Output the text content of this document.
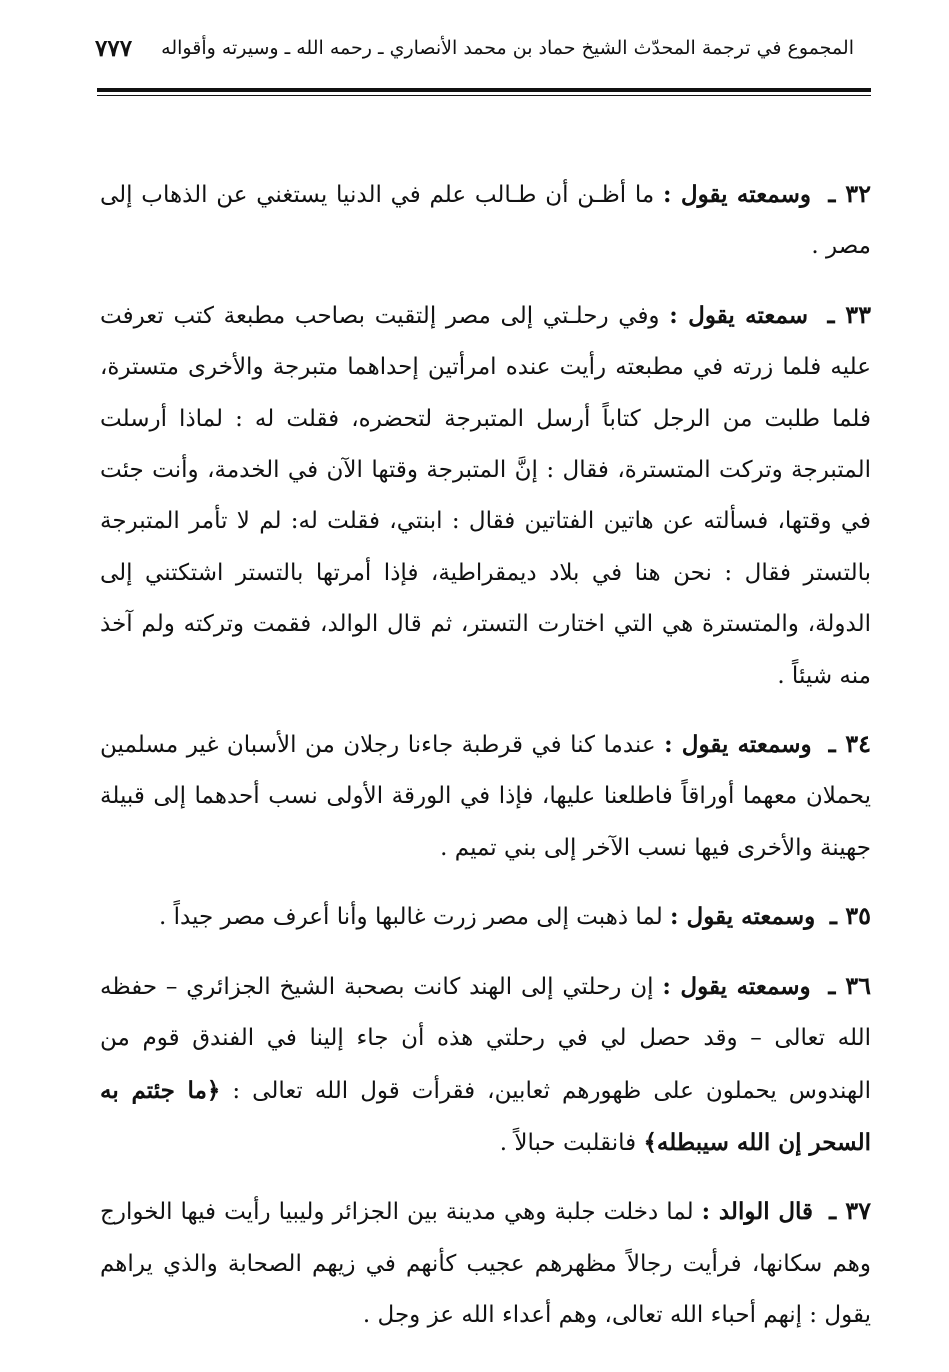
المجموع في ترجمة المحدّث الشيخ حماد بن محمد الأنصاري ـ رحمه الله ـ وسيرته وأقواله
٧٧٧

٣٢ ـ  وسمعته يقول : ما أظـن أن طـالب علم في الدنيا يستغني عن الذهاب إلى مصر .

٣٣ ـ  سمعته يقول : وفي رحلـتي إلى مصر إلتقيت بصاحب مطبعة كتب تعرفت عليه فلما زرته في مطبعته رأيت عنده امرأتين إحداهما متبرجة والأخرى متسترة، فلما طلبت من الرجل كتاباً أرسل المتبرجة لتحضره، فقلت له : لماذا أرسلت المتبرجة وتركت المتسترة، فقال : إنَّ المتبرجة وقتها الآن في الخدمة، وأنت جئت في وقتها، فسألته عن هاتين الفتاتين فقال : ابنتي، فقلت له: لم لا تأمر المتبرجة بالتستر فقال : نحن هنا في بلاد ديمقراطية، فإذا أمرتها بالتستر اشتكتني إلى الدولة، والمتسترة هي التي اختارت التستر، ثم قال الوالد، فقمت وتركته ولم آخذ منه شيئاً .

٣٤ ـ  وسمعته يقول : عندما كنا في قرطبة جاءنا رجلان من الأسبان غير مسلمين يحملان معهما أوراقاً فاطلعنا عليها، فإذا في الورقة الأولى نسب أحدهما إلى قبيلة جهينة والأخرى فيها نسب الآخر إلى بني تميم .

٣٥ ـ  وسمعته يقول : لما ذهبت إلى مصر زرت غالبها وأنا أعرف مصر جيداً .

٣٦ ـ  وسمعته يقول : إن رحلتي إلى الهند كانت بصحبة الشيخ الجزائري – حفظه الله تعالى – وقد حصل لي في رحلتي هذه أن جاء إلينا في الفندق قوم من الهندوس يحملون على ظهورهم ثعابين، فقرأت قول الله تعالى : ﴿ما جئتم به السحر إن الله سيبطله﴾ فانقلبت حبالاً .

٣٧ ـ  قال الوالد : لما دخلت جلبة وهي مدينة بين الجزائر وليبيا رأيت فيها الخوارج وهم سكانها، فرأيت رجالاً مظهرهم عجيب كأنهم في زيهم الصحابة والذي يراهم يقول : إنهم أحباء الله تعالى، وهم أعداء الله عز وجل .
